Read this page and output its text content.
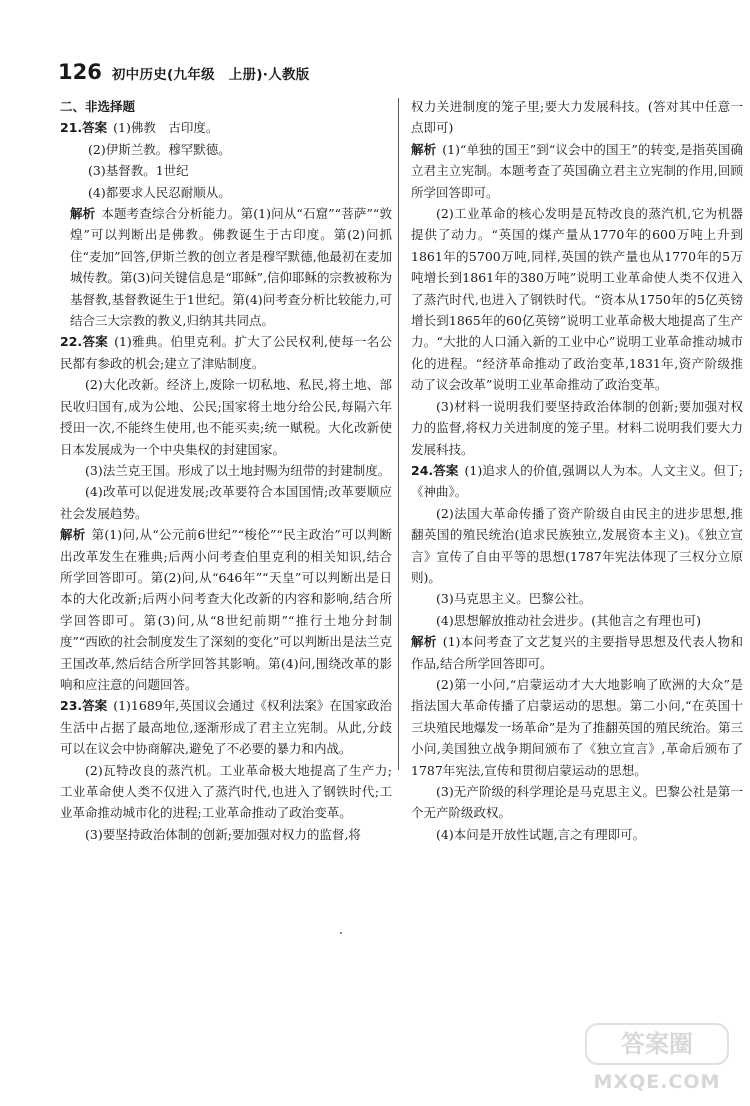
126 初中历史(九年级　上册)·人教版
二、非选择题

21.答案 (1)佛教　古印度。

(2)伊斯兰教。穆罕默德。

(3)基督教。1世纪

(4)都要求人民忍耐顺从。

解析 本题考查综合分析能力。第(1)问从“石窟”“菩萨”“敦煌”可以判断出是佛教。佛教诞生于古印度。第(2)问抓住“麦加”回答,伊斯兰教的创立者是穆罕默德,他最初在麦加城传教。第(3)问关键信息是“耶稣”,信仰耶稣的宗教被称为基督教,基督教诞生于1世纪。第(4)问考查分析比较能力,可结合三大宗教的教义,归纳其共同点。

22.答案 (1)雅典。伯里克利。扩大了公民权利,使每一名公民都有参政的机会;建立了津贴制度。

(2)大化改新。经济上,废除一切私地、私民,将土地、部民收归国有,成为公地、公民;国家将土地分给公民,每隔六年授田一次,不能终生使用,也不能买卖;统一赋税。大化改新使日本发展成为一个中央集权的封建国家。

(3)法兰克王国。形成了以土地封赐为纽带的封建制度。

(4)改革可以促进发展;改革要符合本国国情;改革要顺应社会发展趋势。

解析 第(1)问,从“公元前6世纪”“梭伦”“民主政治”可以判断出改革发生在雅典;后两小问考查伯里克利的相关知识,结合所学回答即可。第(2)问,从“646年”“天皇”可以判断出是日本的大化改新;后两小问考查大化改新的内容和影响,结合所学回答即可。第(3)问,从“8世纪前期”“推行土地分封制度”“西欧的社会制度发生了深刻的变化”可以判断出是法兰克王国改革,然后结合所学回答其影响。第(4)问,围绕改革的影响和应注意的问题回答。

23.答案 (1)1689年,英国议会通过《权利法案》在国家政治生活中占据了最高地位,逐渐形成了君主立宪制。从此,分歧可以在议会中协商解决,避免了不必要的暴力和内战。

(2)瓦特改良的蒸汽机。工业革命极大地提高了生产力;工业革命使人类不仅进入了蒸汽时代,也进入了钢铁时代;工业革命推动城市化的进程;工业革命推动了政治变革。

(3)要坚持政治体制的创新;要加强对权力的监督,将

权力关进制度的笼子里;要大力发展科技。(答对其中任意一点即可)

解析 (1)“单独的国王”到“议会中的国王”的转变,是指英国确立君主立宪制。本题考查了英国确立君主立宪制的作用,回顾所学回答即可。

(2)工业革命的核心发明是瓦特改良的蒸汽机,它为机器提供了动力。“英国的煤产量从1770年的600万吨上升到1861年的5700万吨,同样,英国的铁产量也从1770年的5万吨增长到1861年的380万吨”说明工业革命使人类不仅进入了蒸汽时代,也进入了钢铁时代。“资本从1750年的5亿英镑增长到1865年的60亿英镑”说明工业革命极大地提高了生产力。“大批的人口涌入新的工业中心”说明工业革命推动城市化的进程。“经济革命推动了政治变革,1831年,资产阶级推动了议会改革”说明工业革命推动了政治变革。

(3)材料一说明我们要坚持政治体制的创新;要加强对权力的监督,将权力关进制度的笼子里。材料二说明我们要大力发展科技。

24.答案 (1)追求人的价值,强调以人为本。人文主义。但丁;《神曲》。

(2)法国大革命传播了资产阶级自由民主的进步思想,推翻英国的殖民统治(追求民族独立,发展资本主义)。《独立宣言》宣传了自由平等的思想(1787年宪法体现了三权分立原则)。

(3)马克思主义。巴黎公社。

(4)思想解放推动社会进步。(其他言之有理也可)

解析 (1)本问考查了文艺复兴的主要指导思想及代表人物和作品,结合所学回答即可。

(2)第一小问,“启蒙运动才大大地影响了欧洲的大众”是指法国大革命传播了启蒙运动的思想。第二小问,“在英国十三块殖民地爆发一场革命”是为了推翻英国的殖民统治。第三小问,美国独立战争期间颁布了《独立宣言》,革命后颁布了1787年宪法,宣传和贯彻启蒙运动的思想。

(3)无产阶级的科学理论是马克思主义。巴黎公社是第一个无产阶级政权。

(4)本问是开放性试题,言之有理即可。

答案圈
MXQE.COM
